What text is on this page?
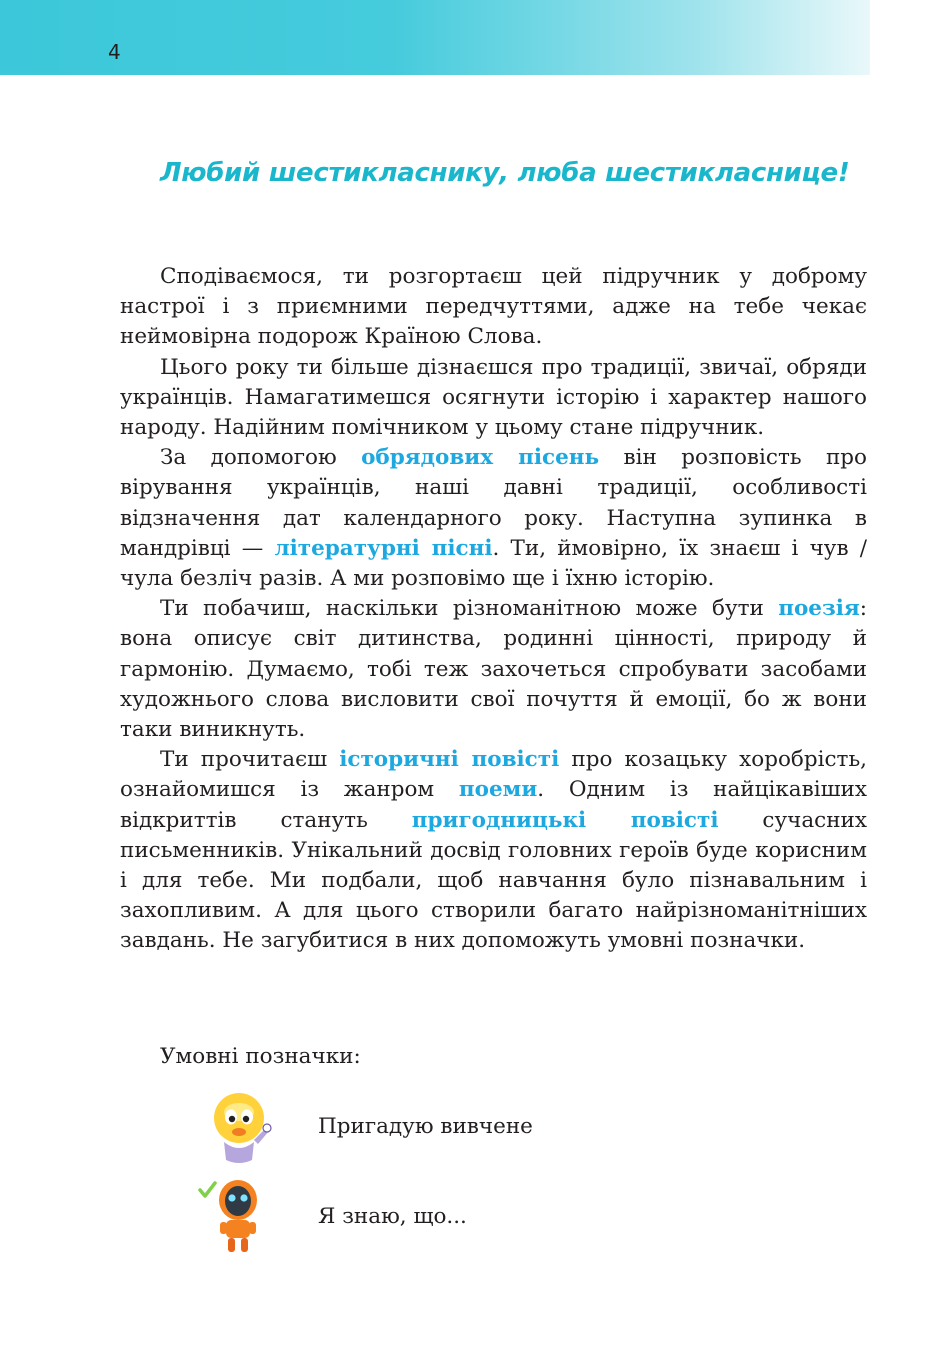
4
Любий шестикласнику, люба шестикласнице!

Сподіваємося, ти розгортаєш цей підручник у доброму настрої і з приємними передчуттями, адже на тебе чекає неймовірна подорож Країною Слова.

Цього року ти більше дізнаєшся про традиції, звичаї, обряди українців. Намагатимешся осягнути історію і характер нашого народу. Надійним помічником у цьому стане підручник.

За допомогою обрядових пісень він розповість про вірування українців, наші давні традиції, особливості відзначення дат календарного року. Наступна зупинка в мандрівці — літературні пісні. Ти, ймовірно, їх знаєш і чув / чула безліч разів. А ми розповімо ще і їхню історію.

Ти побачиш, наскільки різноманітною може бути поезія: вона описує світ дитинства, родинні цінності, природу й гармонію. Думаємо, тобі теж захочеться спробувати засобами художнього слова висловити свої почуття й емоції, бо ж вони таки виникнуть.

Ти прочитаєш історичні повісті про козацьку хоробрість, ознайомишся із жанром поеми. Одним із найцікавіших відкриттів стануть пригодницькі повісті сучасних письменників. Унікальний досвід головних героїв буде корисним і для тебе. Ми подбали, щоб навчання було пізнавальним і захопливим. А для цього створили багато найрізноманітніших завдань. Не загубитися в них допоможуть умовні позначки.

Умовні позначки:
Пригадую вивчене
Я знаю, що...
